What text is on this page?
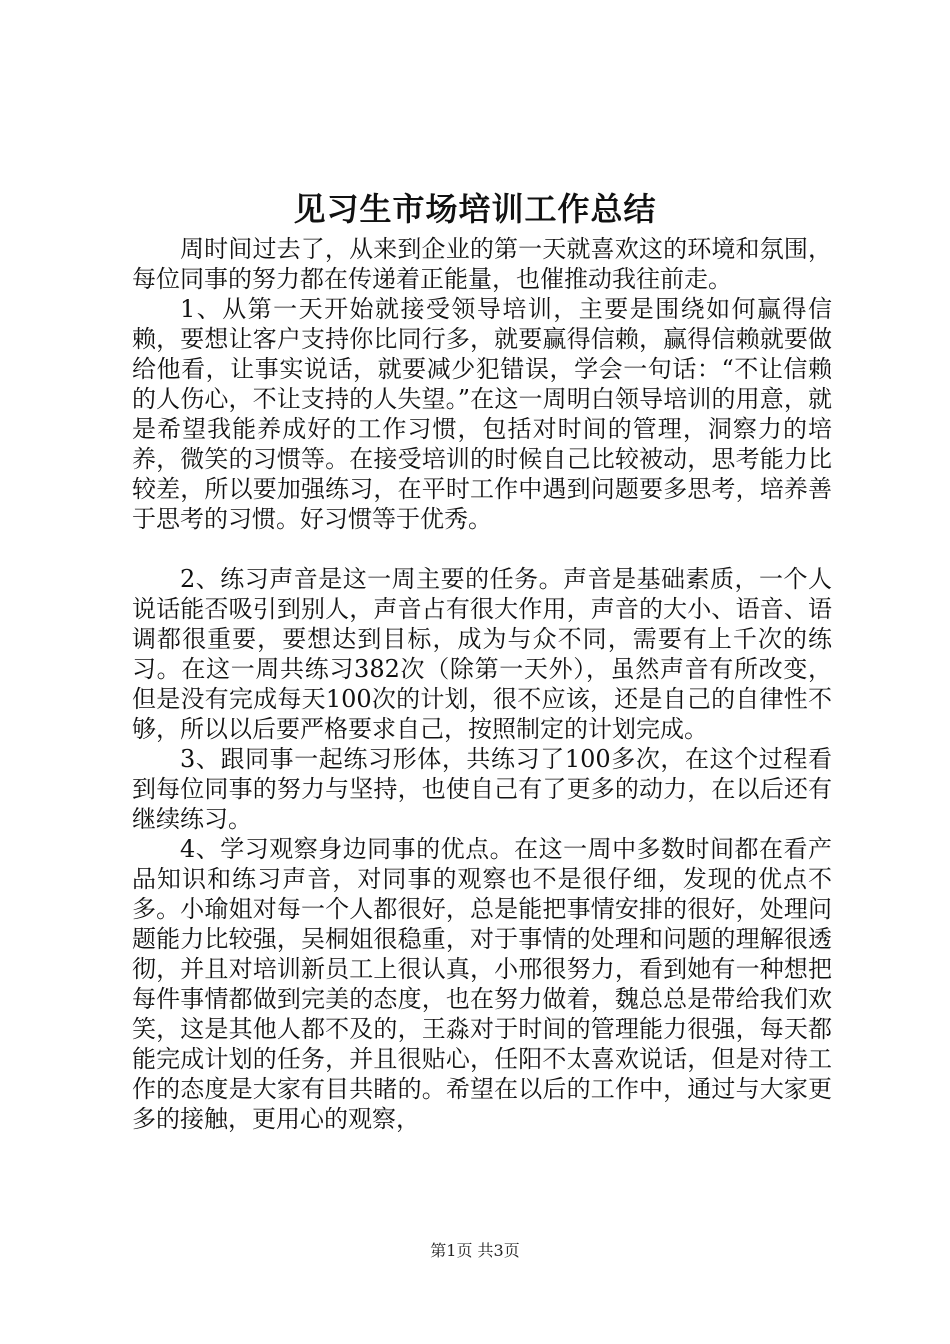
见习生市场培训工作总结

周时间过去了，从来到企业的第一天就喜欢这的环境和氛围，每位同事的努力都在传递着正能量，也催推动我往前走。

1、从第一天开始就接受领导培训，主要是围绕如何赢得信赖，要想让客户支持你比同行多，就要赢得信赖，赢得信赖就要做给他看，让事实说话，就要减少犯错误，学会一句话：“不让信赖的人伤心，不让支持的人失望。”在这一周明白领导培训的用意，就是希望我能养成好的工作习惯，包括对时间的管理，洞察力的培养，微笑的习惯等。在接受培训的时候自己比较被动，思考能力比较差，所以要加强练习，在平时工作中遇到问题要多思考，培养善于思考的习惯。好习惯等于优秀。

2、练习声音是这一周主要的任务。声音是基础素质，一个人说话能否吸引到别人，声音占有很大作用，声音的大小、语音、语调都很重要，要想达到目标，成为与众不同，需要有上千次的练习。在这一周共练习382次（除第一天外），虽然声音有所改变，但是没有完成每天100次的计划，很不应该，还是自己的自律性不够，所以以后要严格要求自己，按照制定的计划完成。

3、跟同事一起练习形体，共练习了100多次，在这个过程看到每位同事的努力与坚持，也使自己有了更多的动力，在以后还有继续练习。

4、学习观察身边同事的优点。在这一周中多数时间都在看产品知识和练习声音，对同事的观察也不是很仔细，发现的优点不多。小瑜姐对每一个人都很好，总是能把事情安排的很好，处理问题能力比较强，吴桐姐很稳重，对于事情的处理和问题的理解很透彻，并且对培训新员工上很认真，小邢很努力，看到她有一种想把每件事情都做到完美的态度，也在努力做着，魏总总是带给我们欢笑，这是其他人都不及的，王淼对于时间的管理能力很强，每天都能完成计划的任务，并且很贴心，任阳不太喜欢说话，但是对待工作的态度是大家有目共睹的。希望在以后的工作中，通过与大家更多的接触，更用心的观察，

第1页 共3页
